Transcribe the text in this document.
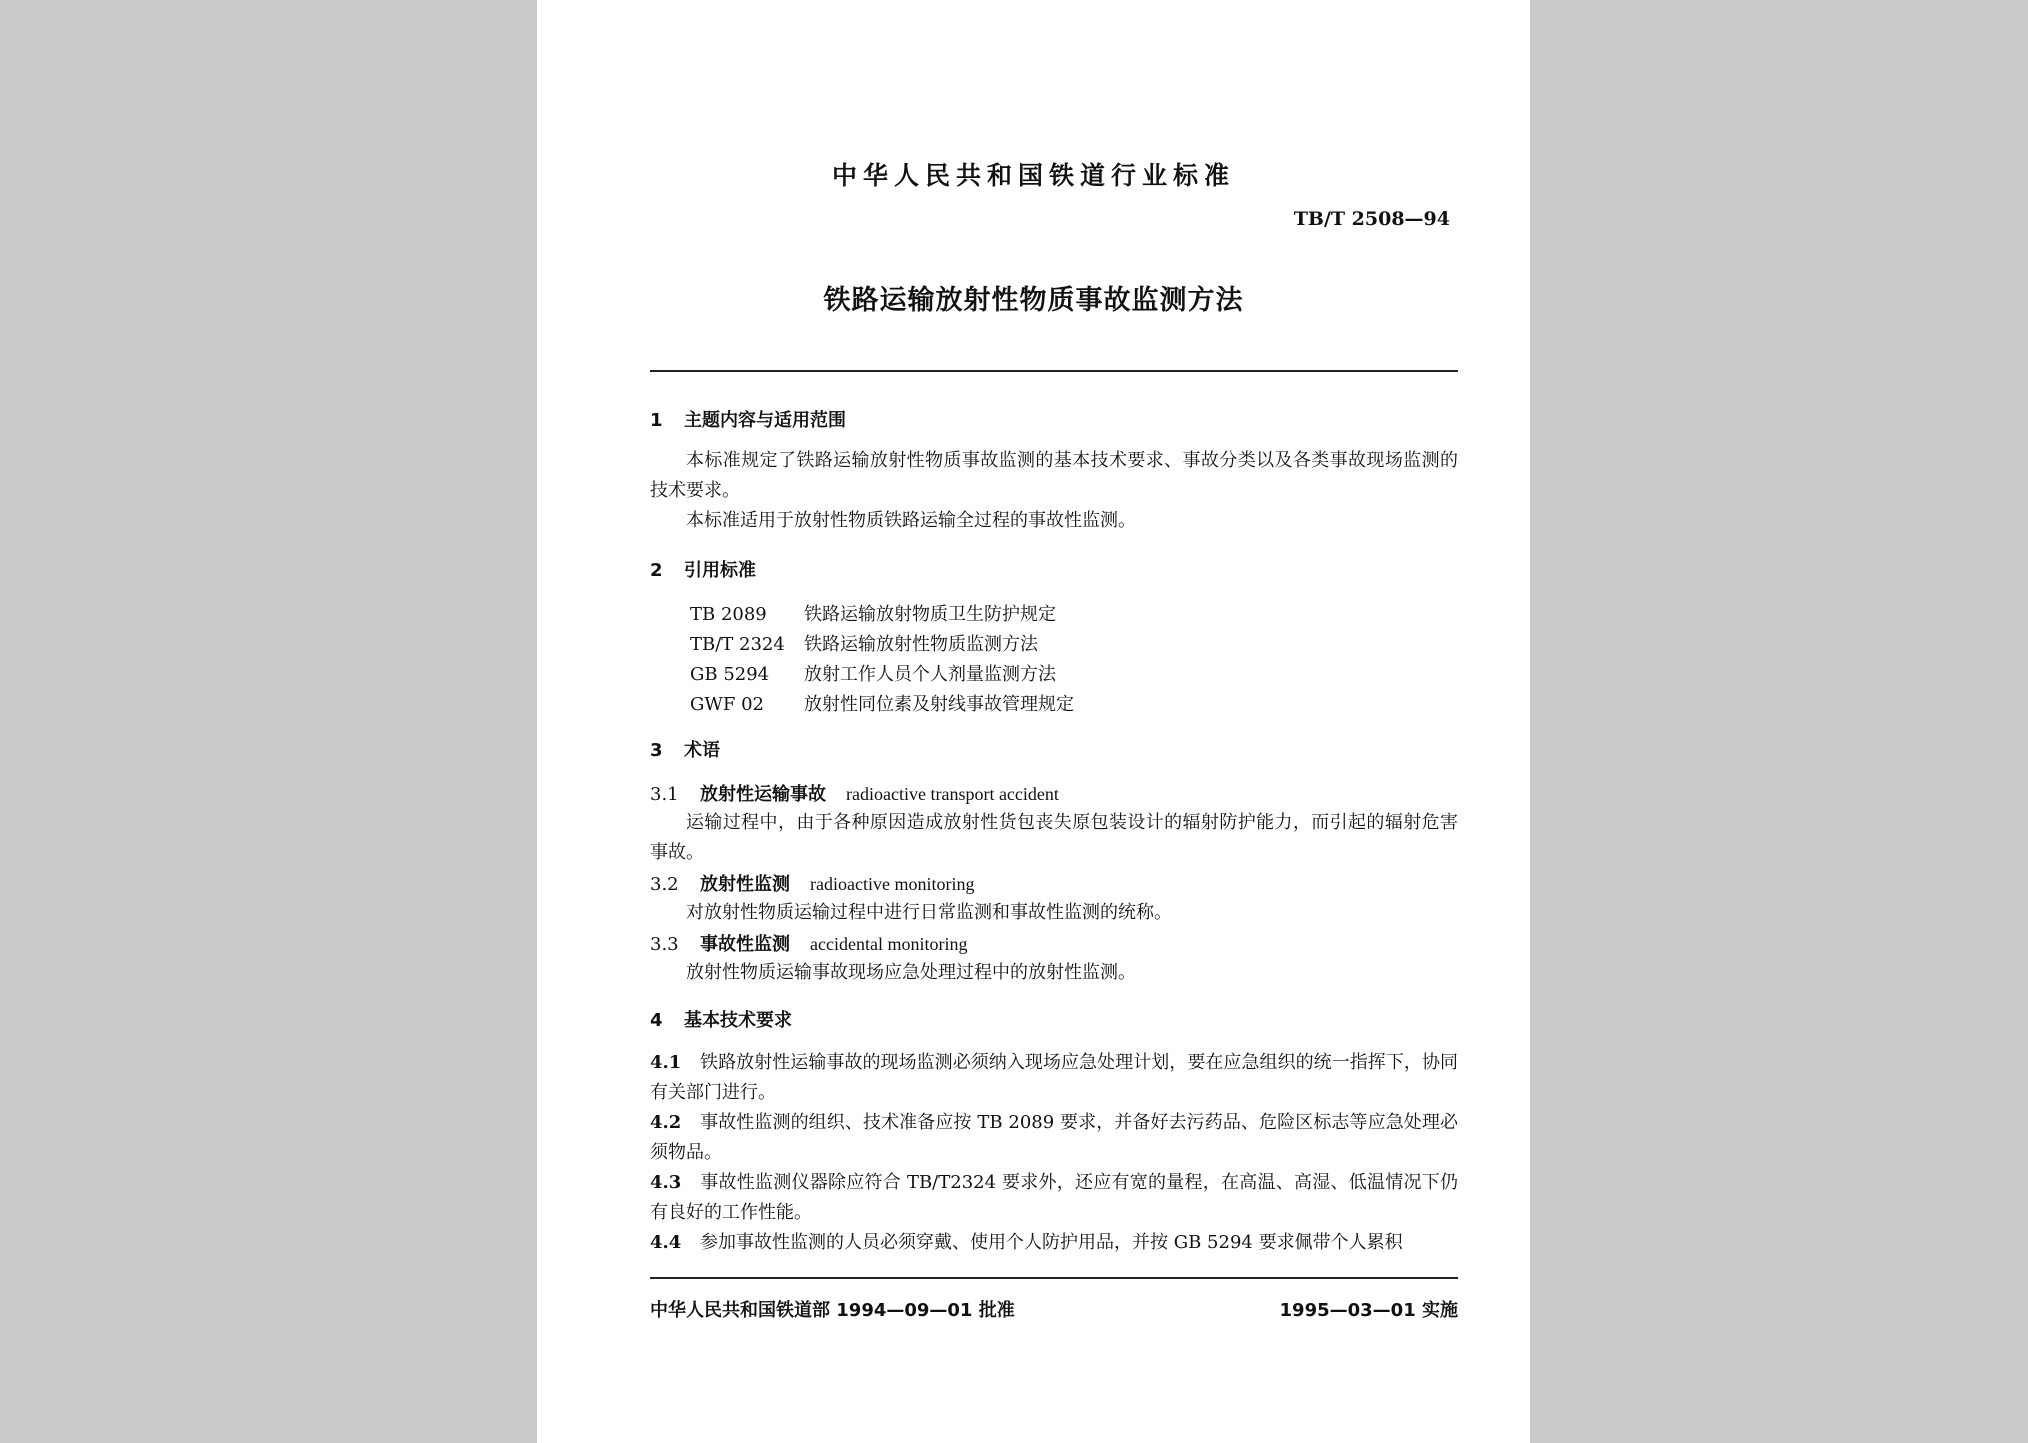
中华人民共和国铁道行业标准
TB/T 2508—94
铁路运输放射性物质事故监测方法
1 主题内容与适用范围
本标准规定了铁路运输放射性物质事故监测的基本技术要求、事故分类以及各类事故现场监测的技术要求。
本标准适用于放射性物质铁路运输全过程的事故性监测。
2 引用标准
TB 2089 铁路运输放射物质卫生防护规定
TB/T 2324 铁路运输放射性物质监测方法
GB 5294 放射工作人员个人剂量监测方法
GWF 02 放射性同位素及射线事故管理规定
3 术语
3.1 放射性运输事故 radioactive transport accident
运输过程中，由于各种原因造成放射性货包丧失原包装设计的辐射防护能力，而引起的辐射危害事故。
3.2 放射性监测 radioactive monitoring
对放射性物质运输过程中进行日常监测和事故性监测的统称。
3.3 事故性监测 accidental monitoring
放射性物质运输事故现场应急处理过程中的放射性监测。
4 基本技术要求
4.1 铁路放射性运输事故的现场监测必须纳入现场应急处理计划，要在应急组织的统一指挥下，协同有关部门进行。
4.2 事故性监测的组织、技术准备应按 TB 2089 要求，并备好去污药品、危险区标志等应急处理必须物品。
4.3 事故性监测仪器除应符合 TB/T2324 要求外，还应有宽的量程，在高温、高湿、低温情况下仍有良好的工作性能。
4.4 参加事故性监测的人员必须穿戴、使用个人防护用品，并按 GB 5294 要求佩带个人累积
中华人民共和国铁道部 1994—09—01 批准	1995—03—01 实施
